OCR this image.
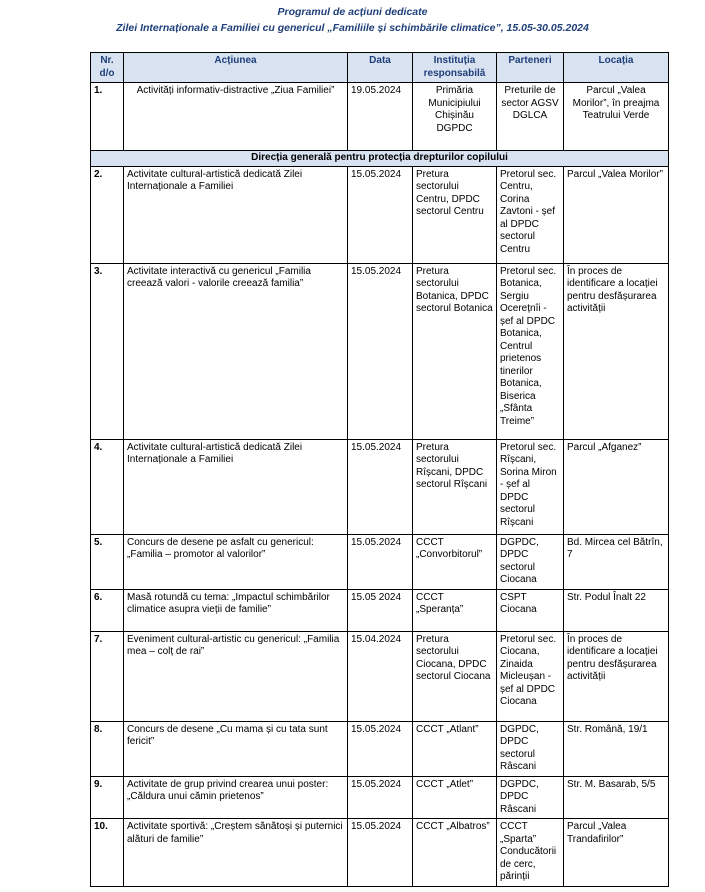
Programul de acțiuni dedicate
Zilei Internaționale a Familiei cu genericul „Familiile și schimbările climatice”, 15.05-30.05.2024
Nr. d/o	Acțiunea	Data	Instituția responsabilă	Parteneri	Locația
1.	Activități informativ-distractive „Ziua Familiei”	19.05.2024	Primăria Municipiului Chișinău DGPDC	Preturile de sector AGSV DGLCA	Parcul „Valea Morilor”, în preajma Teatrului Verde
Direcția generală pentru protecția drepturilor copilului					
2.	Activitate cultural-artistică dedicată Zilei Internaționale a Familiei	15.05.2024	Pretura sectorului Centru, DPDC sectorul Centru	Pretorul sec. Centru, Corina Zavtoni - șef al DPDC sectorul Centru	Parcul „Valea Morilor”
3.	Activitate interactivă cu genericul „Familia creează valori - valorile creează familia”	15.05.2024	Pretura sectorului Botanica, DPDC sectorul Botanica	Pretorul sec. Botanica, Sergiu Ocerețnîi - șef al DPDC Botanica, Centrul prietenos tinerilor Botanica, Biserica „Sfânta Treime”	În proces de identificare a locației pentru desfășurarea activității
4.	Activitate cultural-artistică dedicată Zilei Internaționale a Familiei	15.05.2024	Pretura sectorului Rîșcani, DPDC sectorul Rîșcani	Pretorul sec. Rîșcani, Sorina Miron - șef al DPDC sectorul Rîșcani	Parcul „Afganez”
5.	Concurs de desene pe asfalt cu genericul: „Familia – promotor al valorilor”	15.05.2024	CCCT „Convorbitorul”	DGPDC, DPDC sectorul Ciocana	Bd. Mircea cel Bătrîn, 7
6.	Masă rotundă cu tema: „Impactul schimbărilor climatice asupra vieții de familie”	15.05 2024	CCCT „Speranța”	CSPT Ciocana	Str. Podul Înalt 22
7.	Eveniment cultural-artistic cu genericul: „Familia mea – colț de rai”	15.04.2024	Pretura sectorului Ciocana, DPDC sectorul Ciocana	Pretorul sec. Ciocana, Zinaida Micleușan - șef al DPDC Ciocana	În proces de identificare a locației pentru desfășurarea activității
8.	Concurs de desene „Cu mama și cu tata sunt fericit”	15.05.2024	CCCT „Atlant”	DGPDC, DPDC sectorul Râscani	Str. Română, 19/1
9.	Activitate de grup privind crearea unui poster: „Căldura unui cămin prietenos”	15.05.2024	CCCT „Atlet”	DGPDC, DPDC Râscani	Str. M. Basarab, 5/5
10.	Activitate sportivă: „Creștem sănătoși și puternici alături de familie”	15.05.2024	CCCT „Albatros”	CCCT „Sparta” Conducătorii de cerc, părinții	Parcul „Valea Trandafirilor”
